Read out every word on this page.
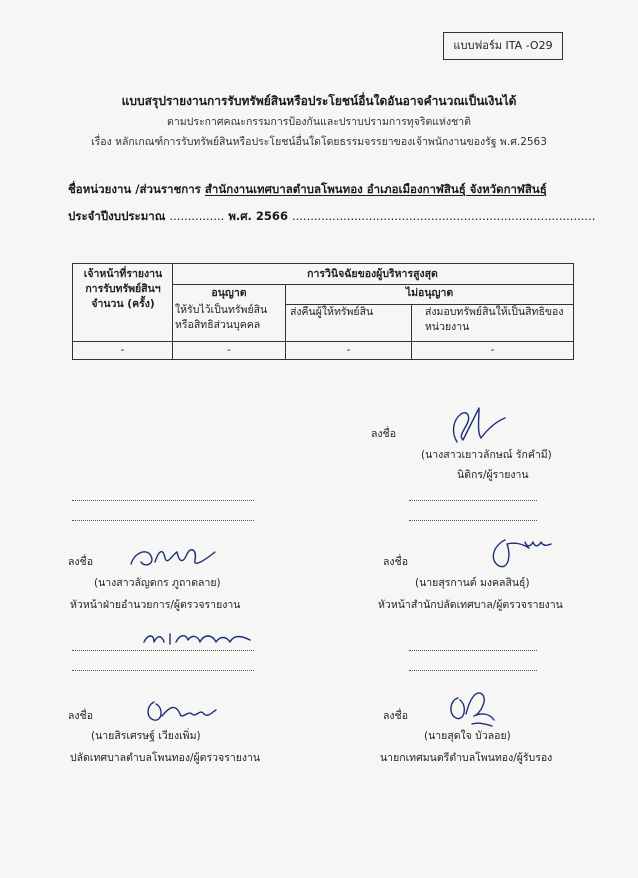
แบบฟอร์ม ITA -O29
แบบสรุปรายงานการรับทรัพย์สินหรือประโยชน์อื่นใดอันอาจคำนวณเป็นเงินได้
ตามประกาศคณะกรรมการป้องกันและปราบปรามการทุจริตแห่งชาติ
เรื่อง หลักเกณฑ์การรับทรัพย์สินหรือประโยชน์อื่นใดโดยธรรมจรรยาของเจ้าพนักงานของรัฐ พ.ศ.2563
ชื่อหน่วยงาน /ส่วนราชการ สำนักงานเทศบาลตำบลโพนทอง อำเภอเมืองกาฬสินธุ์ จังหวัดกาฬสินธุ์
ประจำปีงบประมาณ ............... พ.ศ. 2566 ...................................................................................
เจ้าหน้าที่รายงาน
การรับทรัพย์สินฯ
จำนวน (ครั้ง)
การวินิจฉัยของผู้บริหารสูงสุด
อนุญาต	ไม่อนุญาต
ให้รับไว้เป็นทรัพย์สิน
หรือสิทธิส่วนบุคคล
ส่งคืนผู้ให้ทรัพย์สิน	ส่งมอบทรัพย์สินให้เป็นสิทธิของ
หน่วยงาน
-	-	-	-
ลงชื่อ
(นางสาวเยาวลักษณ์ รักคำมี)
นิติกร/ผู้รายงาน
ลงชื่อ
(นางสาวลัญดกร ภูถาดลาย)
หัวหน้าฝ่ายอำนวยการ/ผู้ตรวจรายงาน
ลงชื่อ
(นายสุรกานต์ มงคลสินธุ์)
หัวหน้าสำนักปลัดเทศบาล/ผู้ตรวจรายงาน
ลงชื่อ
(นายสิรเศรษฐ์ เวียงเพิ่ม)
ปลัดเทศบาลตำบลโพนทอง/ผู้ตรวจรายงาน
ลงชื่อ
(นายสุดใจ บัวลอย)
นายกเทศมนตรีตำบลโพนทอง/ผู้รับรอง
